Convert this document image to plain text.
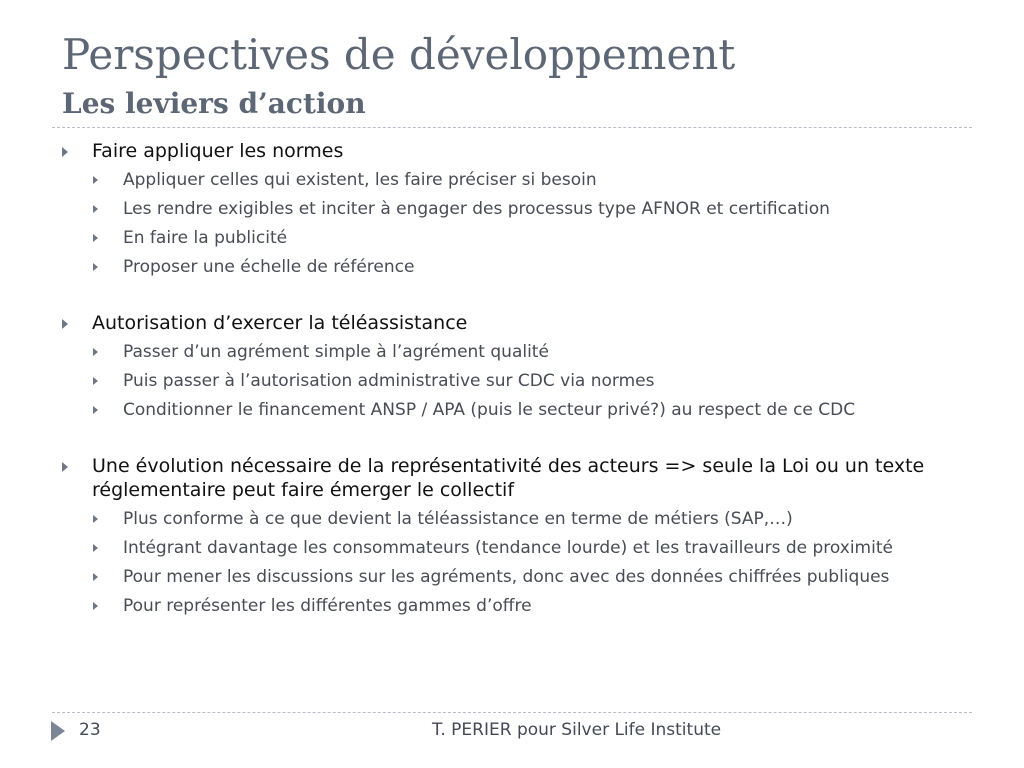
Perspectives de développement
Les leviers d’action
Faire appliquer les normes
Appliquer celles qui existent, les faire préciser si besoin
Les rendre exigibles et inciter à engager des processus type AFNOR et certification
En faire la publicité
Proposer une échelle de référence
Autorisation d’exercer la téléassistance
Passer d’un agrément simple à l’agrément qualité
Puis passer à l’autorisation administrative sur CDC via normes
Conditionner le financement ANSP / APA (puis le secteur privé?) au respect de ce CDC
Une évolution nécessaire de la représentativité des acteurs => seule la Loi ou un texte réglementaire peut faire émerger le collectif
Plus conforme à ce que devient la téléassistance en terme de métiers (SAP,…)
Intégrant davantage les consommateurs (tendance lourde) et les travailleurs de proximité
Pour mener les discussions sur les agréments, donc avec des données chiffrées publiques
Pour représenter les différentes gammes d’offre
23	T. PERIER pour Silver Life Institute
